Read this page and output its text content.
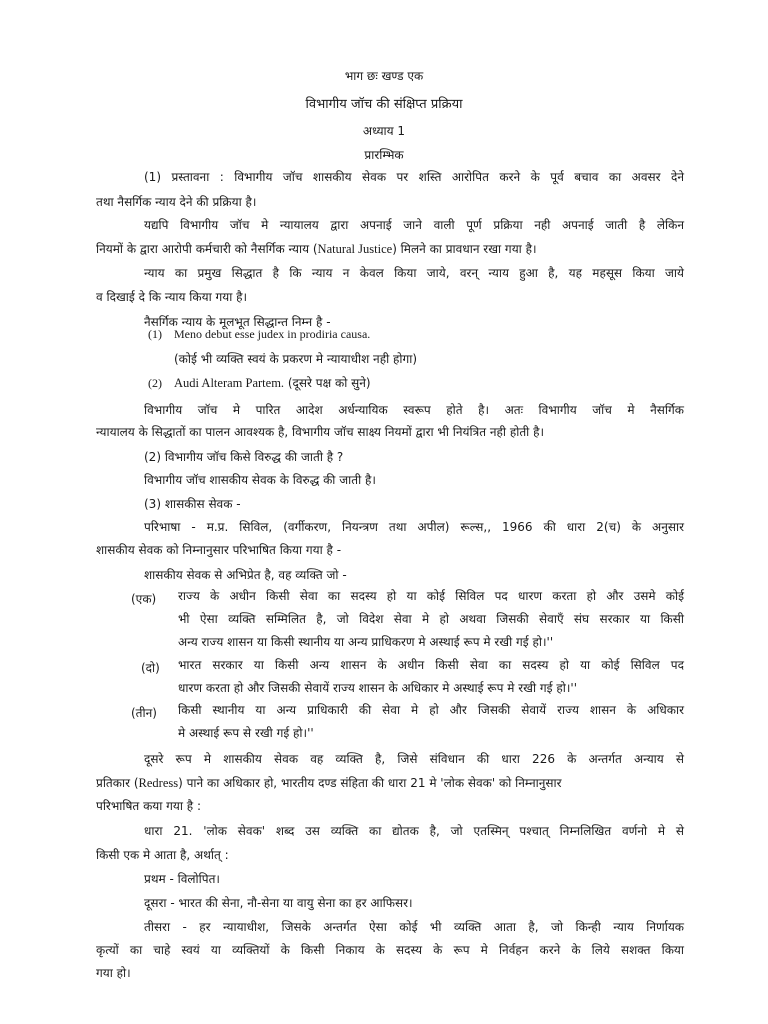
भाग छः खण्ड एक
विभागीय जॉच की संक्षिप्त प्रक्रिया
अध्याय 1
प्रारम्भिक
(1) प्रस्तावना : विभागीय जॉच शासकीय सेवक पर शस्ति आरोपित करने के पूर्व बचाव का अवसर देने
तथा नैसर्गिक न्याय देने की प्रक्रिया है।
यद्यपि विभागीय जॉच मे न्यायालय द्वारा अपनाई जाने वाली पूर्ण प्रक्रिया नही अपनाई जाती है लेकिन
नियमों के द्वारा आरोपी कर्मचारी को नैसर्गिक न्याय (Natural Justice) मिलने का प्रावधान रखा गया है।
न्याय का प्रमुख सिद्धात है कि न्याय न केवल किया जाये, वरन् न्याय हुआ है, यह महसूस किया जाये
व दिखाई दे कि न्याय किया गया है।
नैसर्गिक न्याय के मूलभूत सिद्धान्त निम्न है -
(1) Meno debut esse judex in prodiria causa.
(कोई भी व्यक्ति स्वयं के प्रकरण मे न्यायाधीश नही होगा)
(2) Audi Alteram Partem. (दूसरे पक्ष को सुने)
विभागीय जॉच मे पारित आदेश अर्धन्यायिक स्वरूप होते है। अतः विभागीय जॉच मे नैसर्गिक
न्यायालय के सिद्धातों का पालन आवश्यक है, विभागीय जॉच साक्ष्य नियमों द्वारा भी नियंत्रित नही होती है।
(2) विभागीय जॉच किसे विरुद्ध की जाती है ?
विभागीय जॉच शासकीय सेवक के विरुद्ध की जाती है।
(3) शासकीस सेवक -
परिभाषा - म.प्र. सिविल, (वर्गीकरण, नियन्त्रण तथा अपील) रूल्स,, 1966 की धारा 2(च) के अनुसार
शासकीय सेवक को निम्नानुसार परिभाषित किया गया है -
शासकीय सेवक से अभिप्रेत है, वह व्यक्ति जो -
(एक) राज्य के अधीन किसी सेवा का सदस्य हो या कोई सिविल पद धारण करता हो और उसमे कोई
भी ऐसा व्यक्ति सम्मिलित है, जो विदेश सेवा मे हो अथवा जिसकी सेवाएँ संघ सरकार या किसी
अन्य राज्य शासन या किसी स्थानीय या अन्य प्राधिकरण मे अस्थाई रूप मे रखी गई हो।''
(दो) भारत सरकार या किसी अन्य शासन के अधीन किसी सेवा का सदस्य हो या कोई सिविल पद
धारण करता हो और जिसकी सेवायें राज्य शासन के अधिकार मे अस्थाई रूप मे रखी गई हो।''
(तीन) किसी स्थानीय या अन्य प्राधिकारी की सेवा मे हो और जिसकी सेवायें राज्य शासन के अधिकार
मे अस्थाई रूप से रखी गई हो।''
दूसरे रूप मे शासकीय सेवक वह व्यक्ति है, जिसे संविधान की धारा 226 के अन्तर्गत अन्याय से
प्रतिकार (Redress) पाने का अधिकार हो, भारतीय दण्ड संहिता की धारा 21 मे 'लोक सेवक' को निम्नानुसार
परिभाषित कया गया है :
धारा 21. 'लोक सेवक' शब्द उस व्यक्ति का द्योतक है, जो एतस्मिन् पश्चात् निम्नलिखित वर्णनो मे से
किसी एक मे आता है, अर्थात् :
प्रथम - विलोपित।
दूसरा - भारत की सेना, नौ-सेना या वायु सेना का हर आफिसर।
तीसरा - हर न्यायाधीश, जिसके अन्तर्गत ऐसा कोई भी व्यक्ति आता है, जो किन्ही न्याय निर्णायक
कृत्यों का चाहे स्वयं या व्यक्तियों के किसी निकाय के सदस्य के रूप मे निर्वहन करने के लिये सशक्त किया
गया हो।
